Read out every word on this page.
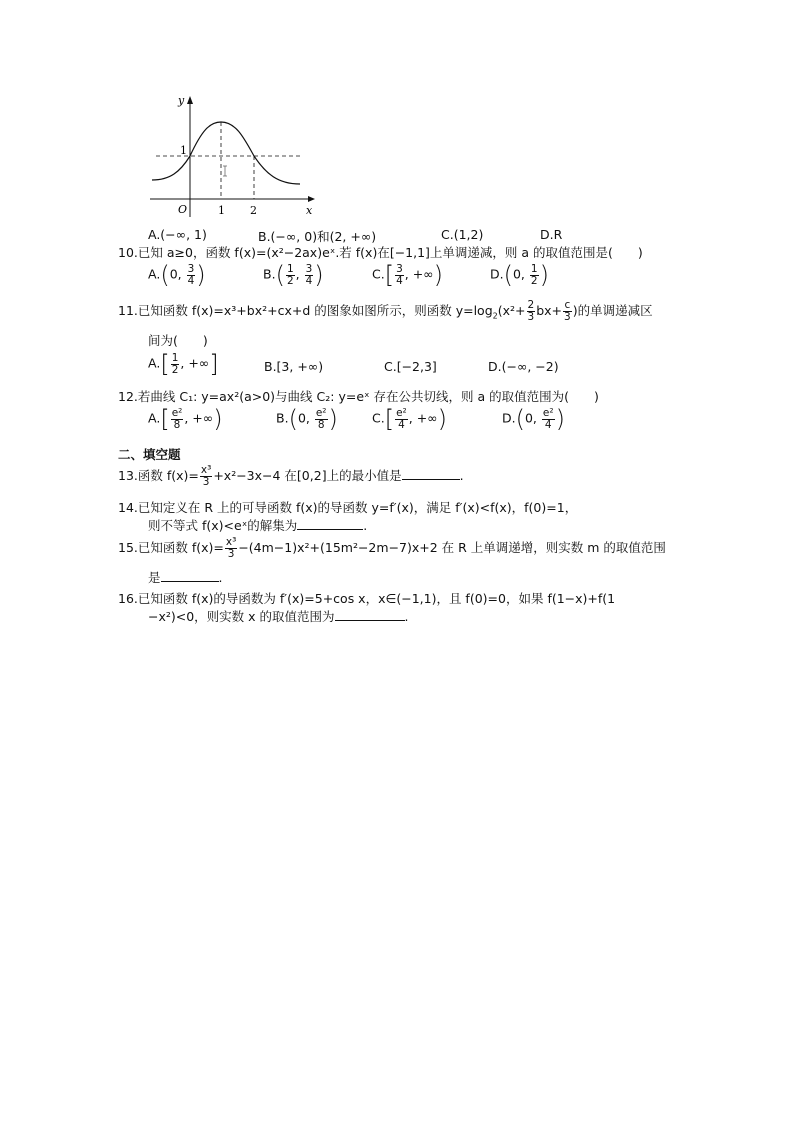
y
x
O
1
1 2
A.(−∞, 1)	B.(−∞, 0)和(2, +∞)	C.(1,2)	D.R
10.已知 a≥0，函数 f(x)=(x²−2ax)eˣ.若 f(x)在[−1,1]上单调递减，则 a 的取值范围是(　　)
A.(0, $\frac{3}{4}$ )	$B.( \frac{1}{2}$ , $\frac{3}{4}$ )	$C.[ \frac{3}{4}$ , +∞)	D.(0, $\frac{1}{2}$ )
11.已知函数 f(x)=x³+bx²+cx+d 的图象如图所示，则函数 $y=\log_2(x^2+ \frac{2}{3} bx+ \frac{c}{3}$ )的单调递减区
间为(　　)
$A.[ \frac{1}{2}$ , +∞]	B.[3, +∞)	C.[−2,3]	D.(−∞, −2)
12.若曲线 C₁: y=ax²(a>0)与曲线 C₂: y=eˣ 存在公共切线，则 a 的取值范围为(　　)
$A.[ \frac{\text{e²}}{8}$ , +∞)	B.(0, $\frac{\text{e²}}{8}$ )	$C.[ \frac{\text{e²}}{4}$ , +∞)	D.(0, $\frac{\text{e²}}{4}$ )
二、填空题
13.函数 $f(x)= \frac{\text{x³}}{3} +x^2-3x-4$ 在[0,2]上的最小值是	.
14.已知定义在 R 上的可导函数 f(x)的导函数 y=f′(x)，满足 f′(x)<f(x)，f(0)=1，
则不等式 f(x)<eˣ的解集为	.
15.已知函数 $f(x)= \frac{\text{x³}}{3} -(4m-1)x^2+(15m^2-2m-7)x+2$ 在 R 上单调递增，则实数 m 的取值范围
是	.
16.已知函数 f(x)的导函数为 f′(x)=5+cos x，x∈(−1,1)，且 f(0)=0，如果 f(1−x)+f(1
−x²)<0，则实数 x 的取值范围为	.
